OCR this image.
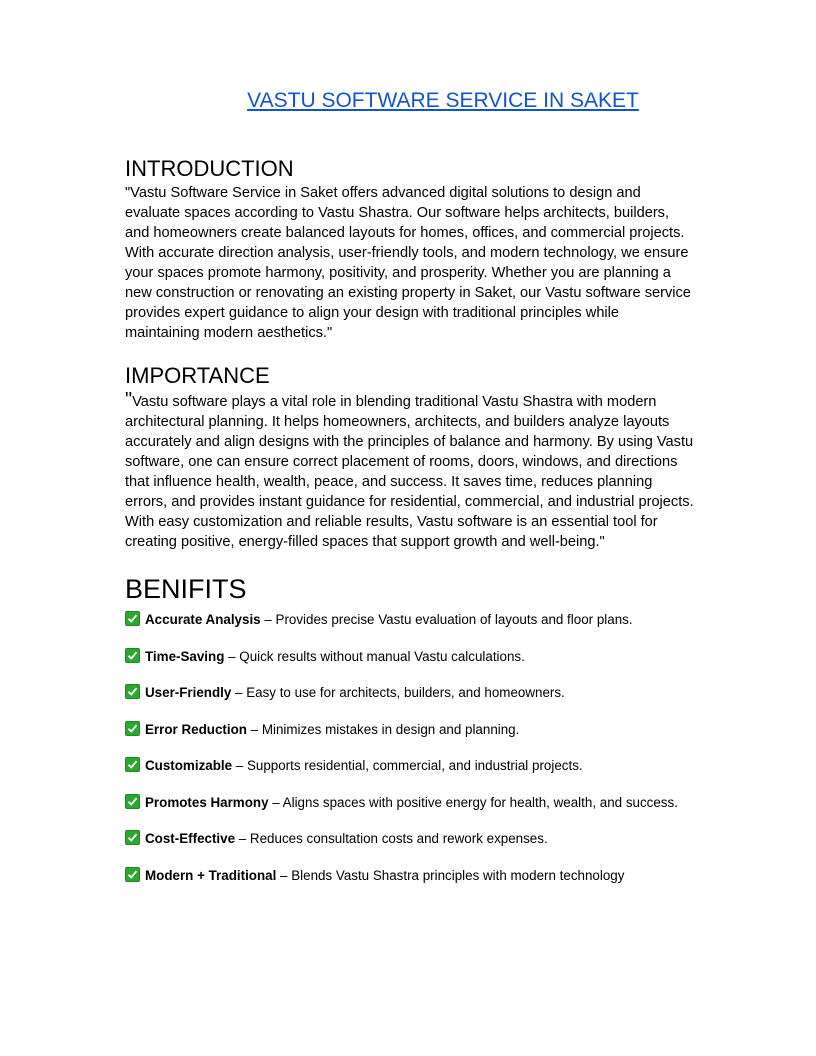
VASTU SOFTWARE SERVICE IN SAKET
INTRODUCTION

"Vastu Software Service in Saket offers advanced digital solutions to design and evaluate spaces according to Vastu Shastra. Our software helps architects, builders, and homeowners create balanced layouts for homes, offices, and commercial projects. With accurate direction analysis, user-friendly tools, and modern technology, we ensure your spaces promote harmony, positivity, and prosperity. Whether you are planning a new construction or renovating an existing property in Saket, our Vastu software service provides expert guidance to align your design with traditional principles while maintaining modern aesthetics."

IMPORTANCE

"Vastu software plays a vital role in blending traditional Vastu Shastra with modern architectural planning. It helps homeowners, architects, and builders analyze layouts accurately and align designs with the principles of balance and harmony. By using Vastu software, one can ensure correct placement of rooms, doors, windows, and directions that influence health, wealth, peace, and success. It saves time, reduces planning errors, and provides instant guidance for residential, commercial, and industrial projects. With easy customization and reliable results, Vastu software is an essential tool for creating positive, energy-filled spaces that support growth and well-being."

BENIFITS
Accurate Analysis – Provides precise Vastu evaluation of layouts and floor plans.
Time-Saving – Quick results without manual Vastu calculations.
User-Friendly – Easy to use for architects, builders, and homeowners.
Error Reduction – Minimizes mistakes in design and planning.
Customizable – Supports residential, commercial, and industrial projects.
Promotes Harmony – Aligns spaces with positive energy for health, wealth, and success.
Cost-Effective – Reduces consultation costs and rework expenses.
Modern + Traditional – Blends Vastu Shastra principles with modern technology
